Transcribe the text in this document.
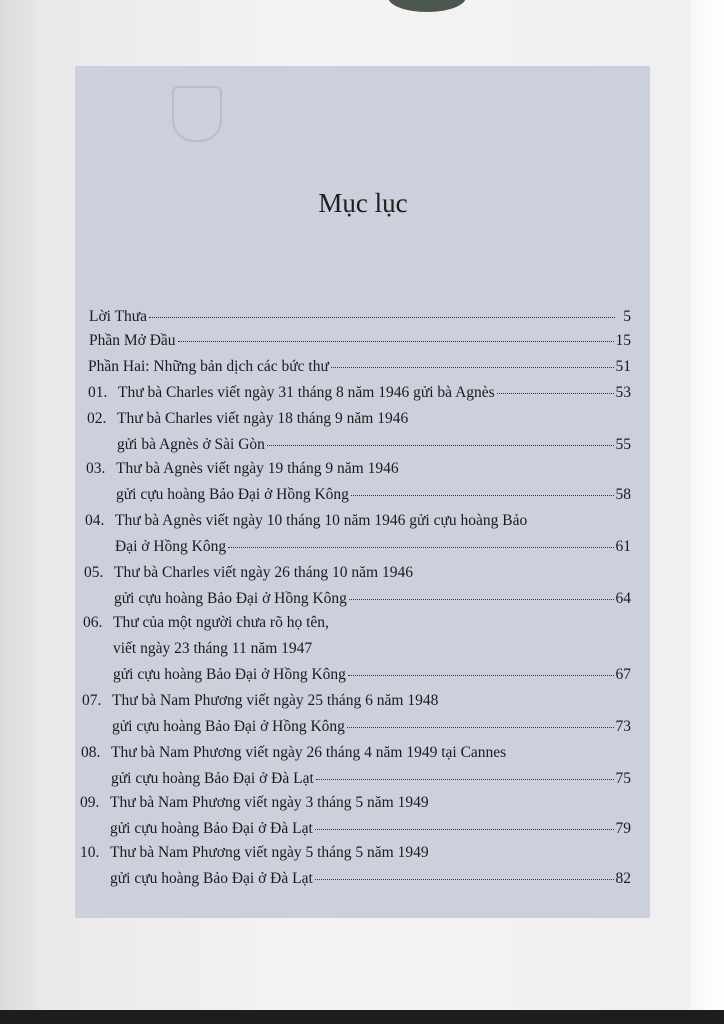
Mục lục
Lời Thưa	5
Phần Mở Đầu	15
Phần Hai: Những bản dịch các bức thư	51
01. Thư bà Charles viết ngày 31 tháng 8 năm 1946 gửi bà Agnès	53
02. Thư bà Charles viết ngày 18 tháng 9 năm 1946
gửi bà Agnès ở Sài Gòn	55
03. Thư bà Agnès viết ngày 19 tháng 9 năm 1946
gửi cựu hoàng Bảo Đại ở Hồng Kông	58
04. Thư bà Agnès viết ngày 10 tháng 10 năm 1946 gửi cựu hoàng Bảo
Đại ở Hồng Kông	61
05. Thư bà Charles viết ngày 26 tháng 10 năm 1946
gửi cựu hoàng Bảo Đại ở Hồng Kông	64
06. Thư của một người chưa rõ họ tên,
viết ngày 23 tháng 11 năm 1947
gửi cựu hoàng Bảo Đại ở Hồng Kông	67
07. Thư bà Nam Phương viết ngày 25 tháng 6 năm 1948
gửi cựu hoàng Bảo Đại ở Hồng Kông	73
08. Thư bà Nam Phương viết ngày 26 tháng 4 năm 1949 tại Cannes
gửi cựu hoàng Bảo Đại ở Đà Lạt	75
09. Thư bà Nam Phương viết ngày 3 tháng 5 năm 1949
gửi cựu hoàng Bảo Đại ở Đà Lạt	79
10. Thư bà Nam Phương viết ngày 5 tháng 5 năm 1949
gửi cựu hoàng Bảo Đại ở Đà Lạt	82
